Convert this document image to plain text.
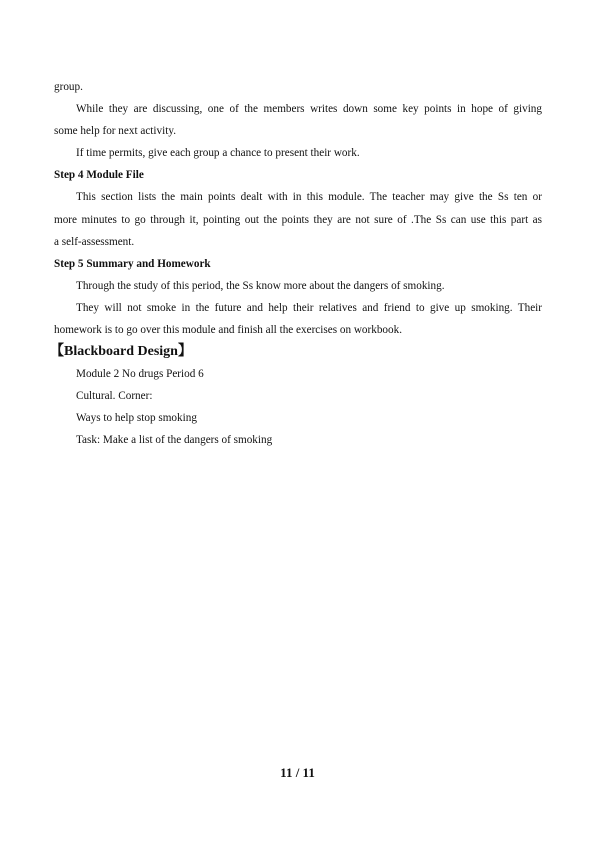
group.
While they are discussing, one of the members writes down some key points in hope of giving
some help for next activity.
If time permits, give each group a chance to present their work.
Step 4 Module File
This section lists the main points dealt with in this module. The teacher may give the Ss ten or
more minutes to go through it, pointing out the points they are not sure of .The Ss can use this part as
a self-assessment.
Step 5 Summary and Homework
Through the study of this period, the Ss know more about the dangers of smoking.
They will not smoke in the future and help their relatives and friend to give up smoking. Their
homework is to go over this module and finish all the exercises on workbook.
【Blackboard Design】
Module 2 No drugs Period 6
Cultural. Corner:
Ways to help stop smoking
Task: Make a list of the dangers of smoking
11 / 11
